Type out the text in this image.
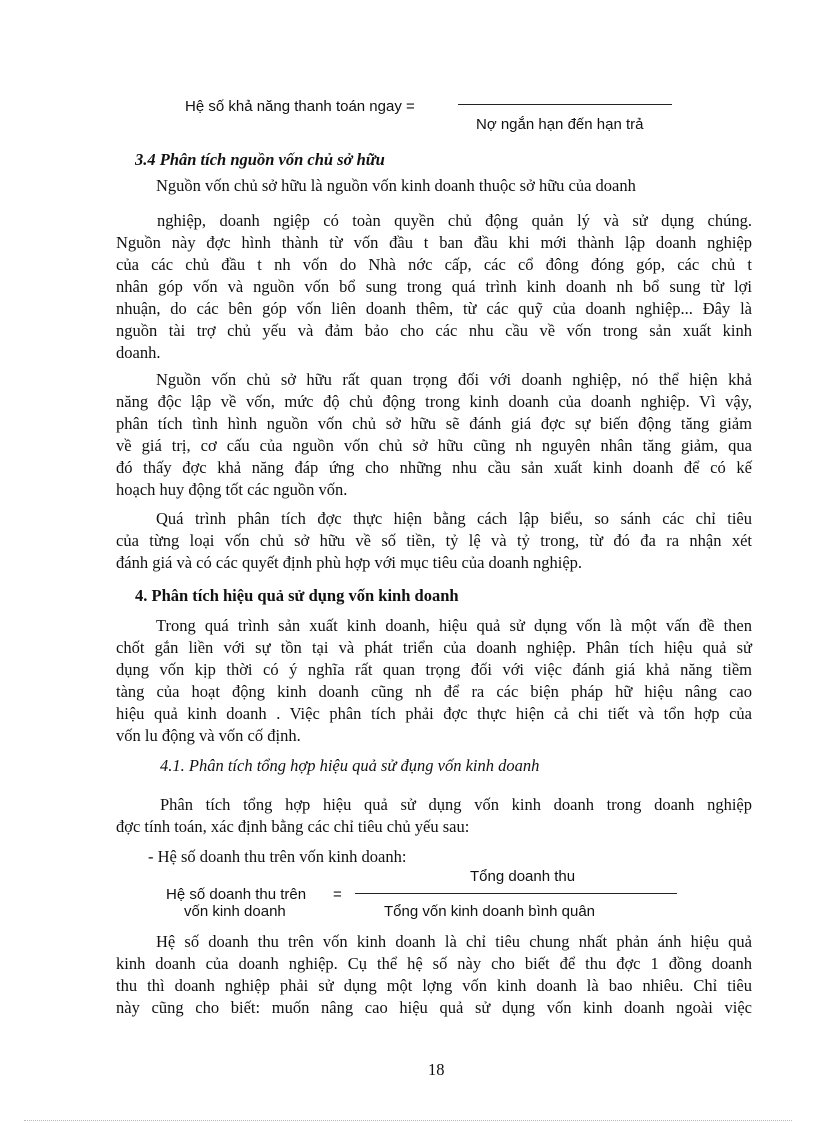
Hệ số khả năng thanh toán ngay =
Nợ ngắn hạn đến hạn trả
3.4 Phân tích nguồn vốn chủ sở hữu
Nguồn vốn chủ sở hữu là nguồn vốn kinh doanh thuộc sở hữu của doanh
nghiệp, doanh ngiệp có toàn quyền chủ động quản lý và sử dụng chúng.
Nguồn này đợc hình thành từ vốn đầu t ban đầu khi mới thành lập doanh nghiệp
của các chủ đầu t nh vốn do Nhà nớc cấp, các cổ đông đóng góp, các chủ t
nhân góp vốn và nguồn vốn bổ sung trong quá trình kinh doanh nh bổ sung từ lợi
nhuận, do các bên góp vốn liên doanh thêm, từ các quỹ của doanh nghiệp... Đây là
nguồn tài trợ chủ yếu và đảm bảo cho các nhu cầu về vốn trong sản xuất kinh
doanh.
Nguồn vốn chủ sở hữu rất quan trọng đối với doanh nghiệp, nó thể hiện khả
năng độc lập về vốn, mức độ chủ động trong kinh doanh của doanh nghiệp. Vì vậy,
phân tích tình hình nguồn vốn chủ sở hữu sẽ đánh giá đợc sự biến động tăng giảm
về giá trị, cơ cấu của nguồn vốn chủ sở hữu cũng nh nguyên nhân tăng giảm, qua
đó thấy đợc khả năng đáp ứng cho những nhu cầu sản xuất kinh doanh để có kế
hoạch huy động tốt các nguồn vốn.
Quá trình phân tích đợc thực hiện bằng cách lập biểu, so sánh các chỉ tiêu
của từng loại vốn chủ sở hữu về số tiền, tỷ lệ và tỷ trong, từ đó đa ra nhận xét
đánh giá và có các quyết định phù hợp với mục tiêu của doanh nghiệp.
4. Phân tích hiệu quả sử dụng vốn kinh doanh
Trong quá trình sản xuất kinh doanh, hiệu quả sử dụng vốn là một vấn đề then
chốt gắn liền với sự tồn tại và phát triển của doanh nghiệp. Phân tích hiệu quả sử
dụng vốn kịp thời có ý nghĩa rất quan trọng đối với việc đánh giá khả năng tiềm
tàng của hoạt động kinh doanh cũng nh để ra các biện pháp hữ hiệu nâng cao
hiệu quả kinh doanh . Việc phân tích phải đợc thực hiện cả chi tiết và tổn hợp của
vốn lu động và vốn cố định.
4.1. Phân tích tổng hợp hiệu quả sử đụng vốn kinh doanh
Phân tích tổng hợp hiệu quả sử dụng vốn kinh doanh trong doanh nghiệp
đợc tính toán, xác định bằng các chỉ tiêu chủ yếu sau:
- Hệ số doanh thu trên vốn kinh doanh:
Hệ số doanh thu trên
vốn kinh doanh
=
Tổng doanh thu
Tổng vốn kinh doanh bình quân
Hệ số doanh thu trên vốn kinh doanh là chỉ tiêu chung nhất phản ánh hiệu quả
kinh doanh của doanh nghiệp. Cụ thể hệ số này cho biết để thu đợc 1 đồng doanh
thu thì doanh nghiệp phải sử dụng một lợng vốn kinh doanh là bao nhiêu. Chỉ tiêu
này cũng cho biết: muốn nâng cao hiệu quả sử dụng vốn kinh doanh ngoài việc
18
